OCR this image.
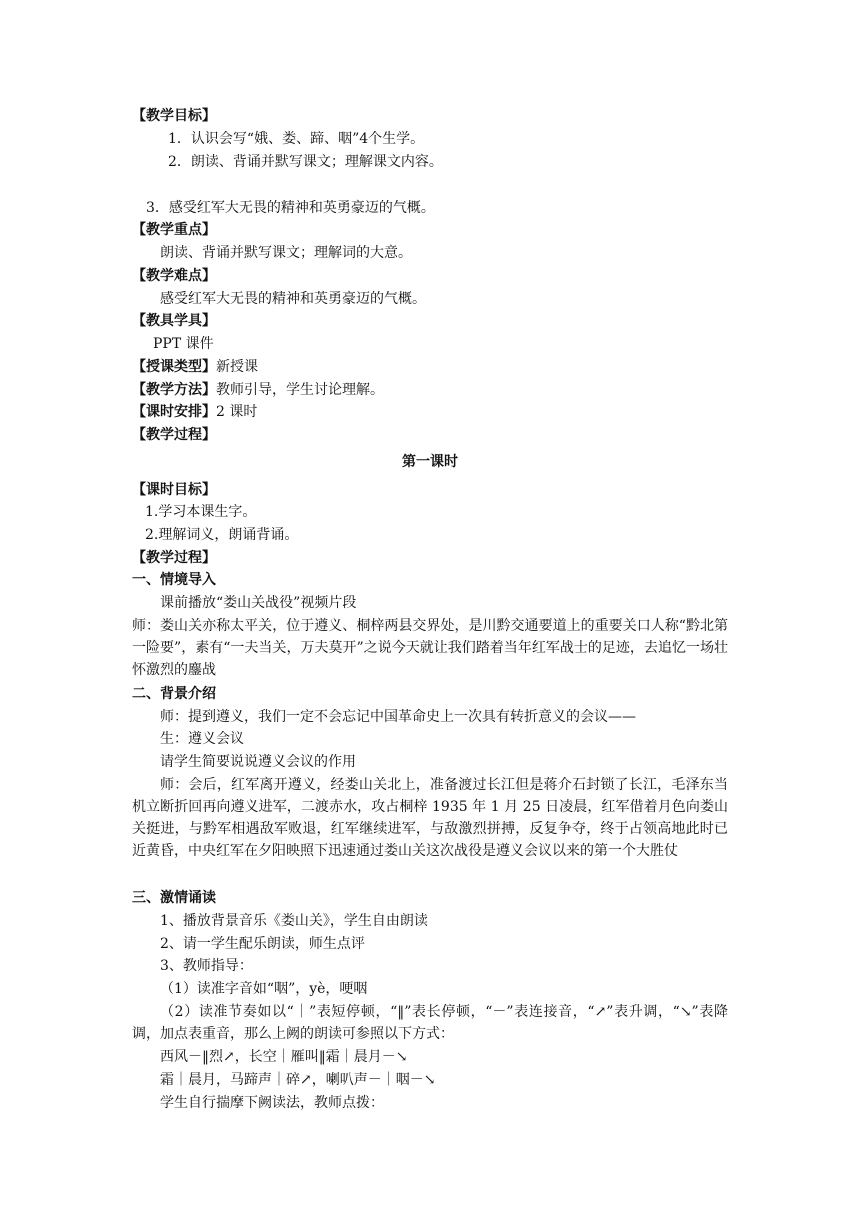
【教学目标】
1．认识会写“娥、娄、蹄、咽”4个生学。
2．朗读、背诵并默写课文；理解课文内容。
3．感受红军大无畏的精神和英勇豪迈的气概。
【教学重点】
朗读、背诵并默写课文；理解词的大意。
【教学难点】
感受红军大无畏的精神和英勇豪迈的气概。
【教具学具】
PPT 课件
【授课类型】新授课
【教学方法】教师引导，学生讨论理解。
【课时安排】2 课时
【教学过程】
第一课时
【课时目标】
1.学习本课生字。
2.理解词义，朗诵背诵。
【教学过程】
一、情境导入
课前播放“娄山关战役”视频片段
师：娄山关亦称太平关，位于遵义、桐梓两县交界处，是川黔交通要道上的重要关口人称“黔北第一险要”，素有“一夫当关，万夫莫开”之说今天就让我们踏着当年红军战士的足迹，去追忆一场壮怀激烈的鏖战
二、背景介绍
师：提到遵义，我们一定不会忘记中国革命史上一次具有转折意义的会议——
生：遵义会议
请学生简要说说遵义会议的作用
师：会后，红军离开遵义，经娄山关北上，准备渡过长江但是蒋介石封锁了长江，毛泽东当机立断折回再向遵义进军，二渡赤水，攻占桐梓 1935 年 1 月 25 日凌晨，红军借着月色向娄山关挺进，与黔军相遇敌军败退，红军继续进军，与敌激烈拼搏，反复争夺，终于占领高地此时已近黄昏，中央红军在夕阳映照下迅速通过娄山关这次战役是遵义会议以来的第一个大胜仗
三、激情诵读
1、播放背景音乐《娄山关》，学生自由朗读
2、请一学生配乐朗读，师生点评
3、教师指导：
（1）读准字音如“咽”，yè，哽咽
（2）读准节奏如以“｜”表短停顿，“‖”表长停顿，“－”表连接音，“↗”表升调，“↘”表降调，加点表重音，那么上阙的朗读可参照以下方式：
西风－‖烈↗，长空｜雁叫‖霜｜晨月－↘
霜｜晨月，马蹄声｜碎↗，喇叭声－｜咽－↘
学生自行揣摩下阙读法，教师点拨：
